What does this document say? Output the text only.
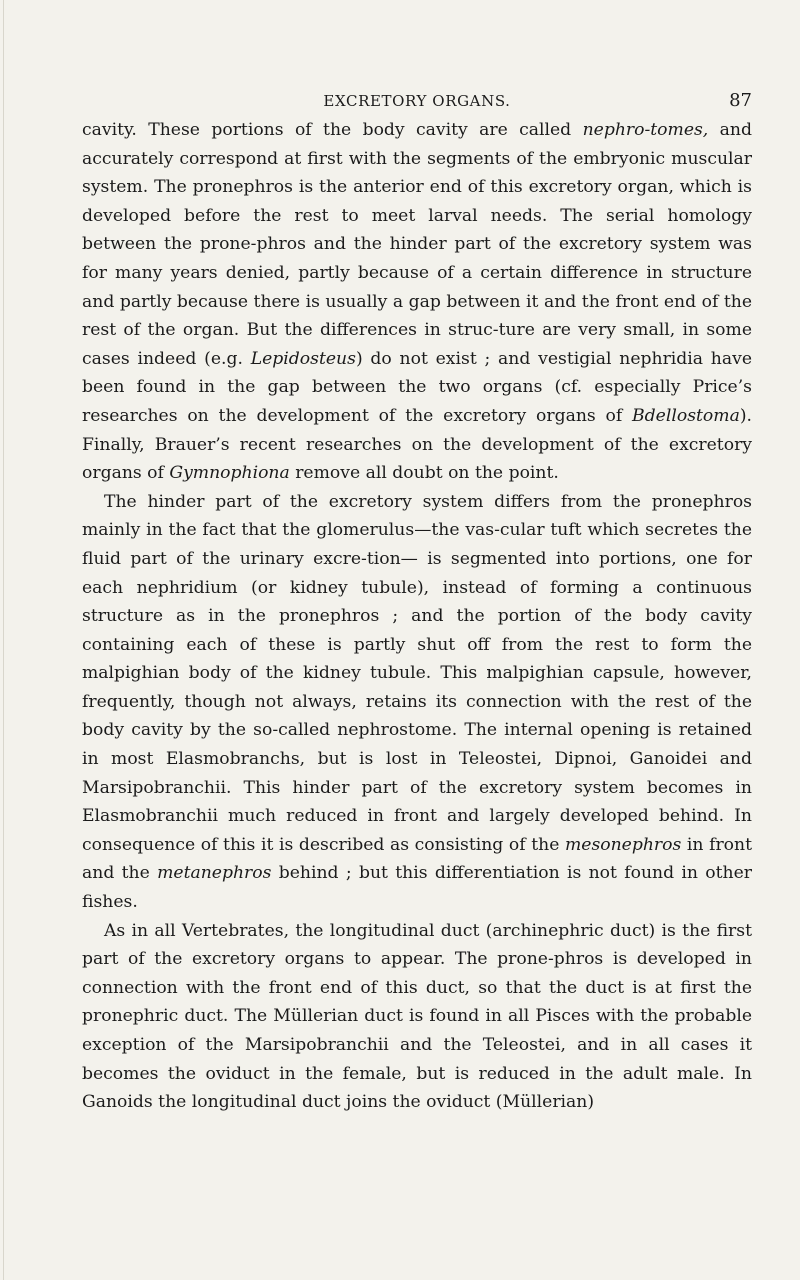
EXCRETORY ORGANS.	87

cavity. These portions of the body cavity are called nephro-tomes, and accurately correspond at first with the segments of the embryonic muscular system. The pronephros is the anterior end of this excretory organ, which is developed before the rest to meet larval needs. The serial homology between the prone-phros and the hinder part of the excretory system was for many years denied, partly because of a certain difference in structure and partly because there is usually a gap between it and the front end of the rest of the organ. But the differences in struc-ture are very small, in some cases indeed (e.g. Lepidosteus) do not exist ; and vestigial nephridia have been found in the gap between the two organs (cf. especially Price’s researches on the development of the excretory organs of Bdellostoma). Finally, Brauer’s recent researches on the development of the excretory organs of Gymnophiona remove all doubt on the point.

The hinder part of the excretory system differs from the pronephros mainly in the fact that the glomerulus—the vas-cular tuft which secretes the fluid part of the urinary excre-tion— is segmented into portions, one for each nephridium (or kidney tubule), instead of forming a continuous structure as in the pronephros ; and the portion of the body cavity containing each of these is partly shut off from the rest to form the malpighian body of the kidney tubule. This malpighian capsule, however, frequently, though not always, retains its connection with the rest of the body cavity by the so-called nephrostome. The internal opening is retained in most Elasmobranchs, but is lost in Teleostei, Dipnoi, Ganoidei and Marsipobranchii. This hinder part of the excretory system becomes in Elasmobranchii much reduced in front and largely developed behind. In consequence of this it is described as consisting of the mesonephros in front and the metanephros behind ; but this differentiation is not found in other fishes.

As in all Vertebrates, the longitudinal duct (archinephric duct) is the first part of the excretory organs to appear. The prone-phros is developed in connection with the front end of this duct, so that the duct is at first the pronephric duct. The Müllerian duct is found in all Pisces with the probable exception of the Marsipobranchii and the Teleostei, and in all cases it becomes the oviduct in the female, but is reduced in the adult male. In Ganoids the longitudinal duct joins the oviduct (Müllerian)
